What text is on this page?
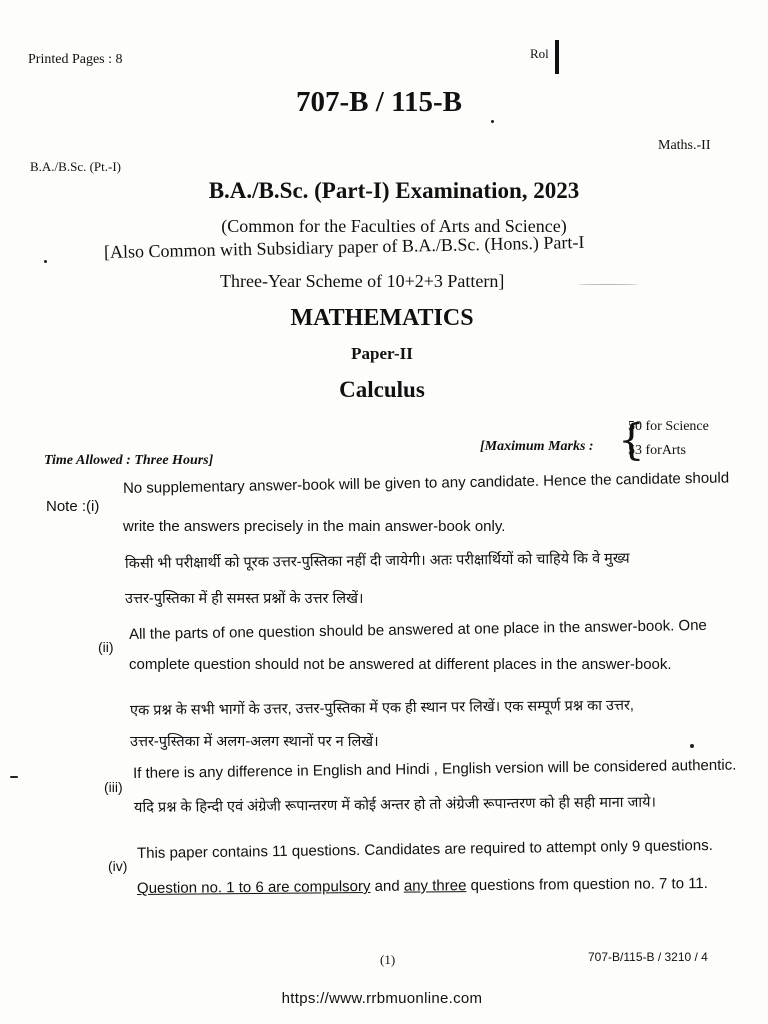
Printed Pages : 8	Rol
707-B / 115-B
Maths.-II
B.A./B.Sc. (Pt.-I)
B.A./B.Sc. (Part-I) Examination, 2023
(Common for the Faculties of Arts and Science)
[Also Common with Subsidiary paper of B.A./B.Sc. (Hons.) Part-I
Three-Year Scheme of 10+2+3 Pattern]
MATHEMATICS
Paper-II
Calculus
Time Allowed : Three Hours]
[Maximum Marks : {
50 for Science
53 forArts
Note :(i)
No supplementary answer-book will be given to any candidate. Hence the candidate should
write the answers precisely in the main answer-book only.
किसी भी परीक्षार्थी को पूरक उत्तर-पुस्तिका नहीं दी जायेगी। अतः परीक्षार्थियों को चाहिये कि वे मुख्य
उत्तर-पुस्तिका में ही समस्त प्रश्नों के उत्तर लिखें।
(ii)
All the parts of one question should be answered at one place in the answer-book. One
complete question should not be answered at different places in the answer-book.
एक प्रश्न के सभी भागों के उत्तर, उत्तर-पुस्तिका में एक ही स्थान पर लिखें। एक सम्पूर्ण प्रश्न का उत्तर,
उत्तर-पुस्तिका में अलग-अलग स्थानों पर न लिखें।
(iii)
If there is any difference in English and Hindi , English version will be considered authentic.
यदि प्रश्न के हिन्दी एवं अंग्रेजी रूपान्तरण में कोई अन्तर हो तो अंग्रेजी रूपान्तरण को ही सही माना जाये।
(iv)
This paper contains 11 questions. Candidates are required to attempt only 9 questions.
Question no. 1 to 6 are compulsory and any three questions from question no. 7 to 11.
(1)	707-B/115-B / 3210 / 4
https://www.rrbmuonline.com
